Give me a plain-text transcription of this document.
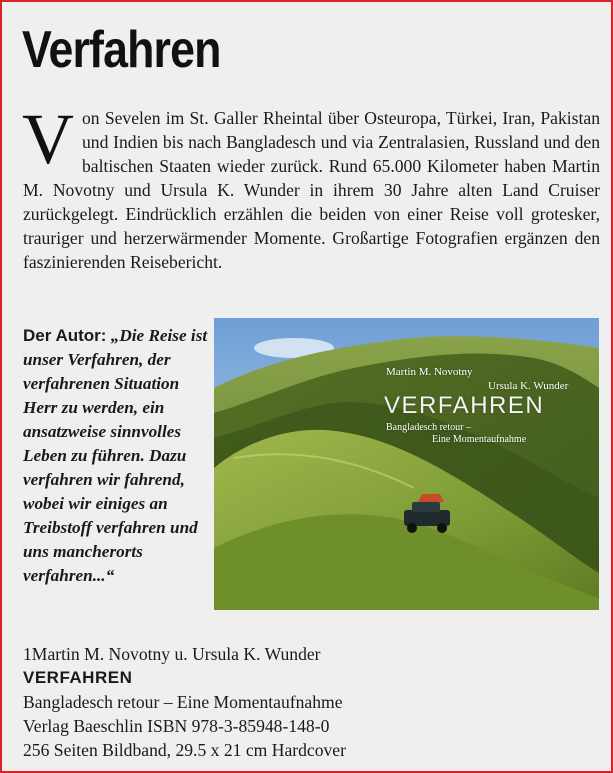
Verfahren

Von Sevelen im St. Galler Rheintal über Osteuropa, Türkei, Iran, Pakistan und Indien bis nach Bangladesch und via Zentralasien, Russland und den baltischen Staaten wieder zurück. Rund 65.000 Kilometer haben Martin M. Novotny und Ursula K. Wunder in ihrem 30 Jahre alten Land Cruiser zurückgelegt. Eindrücklich erzählen die beiden von einer Reise voll grotesker, trauriger und herzerwärmender Momente. Großartige Fotografien ergänzen den faszinierenden Reisebericht.

Der Autor: „Die Reise ist unser Verfahren, der verfahrenen Situation Herr zu werden, ein ansatzweise sinnvolles Leben zu führen. Dazu verfahren wir fahrend, wobei wir einiges an Treibstoff verfahren und uns mancherorts verfahren...“

Martin M. Novotny
Ursula K. Wunder
VERFAHREN
Bangladesch retour –
Eine Momentaufnahme
1Martin M. Novotny u. Ursula K. Wunder
VERFAHREN
Bangladesch retour – Eine Momentaufnahme
Verlag Baeschlin ISBN 978-3-85948-148-0
256 Seiten Bildband, 29.5 x 21 cm Hardcover
